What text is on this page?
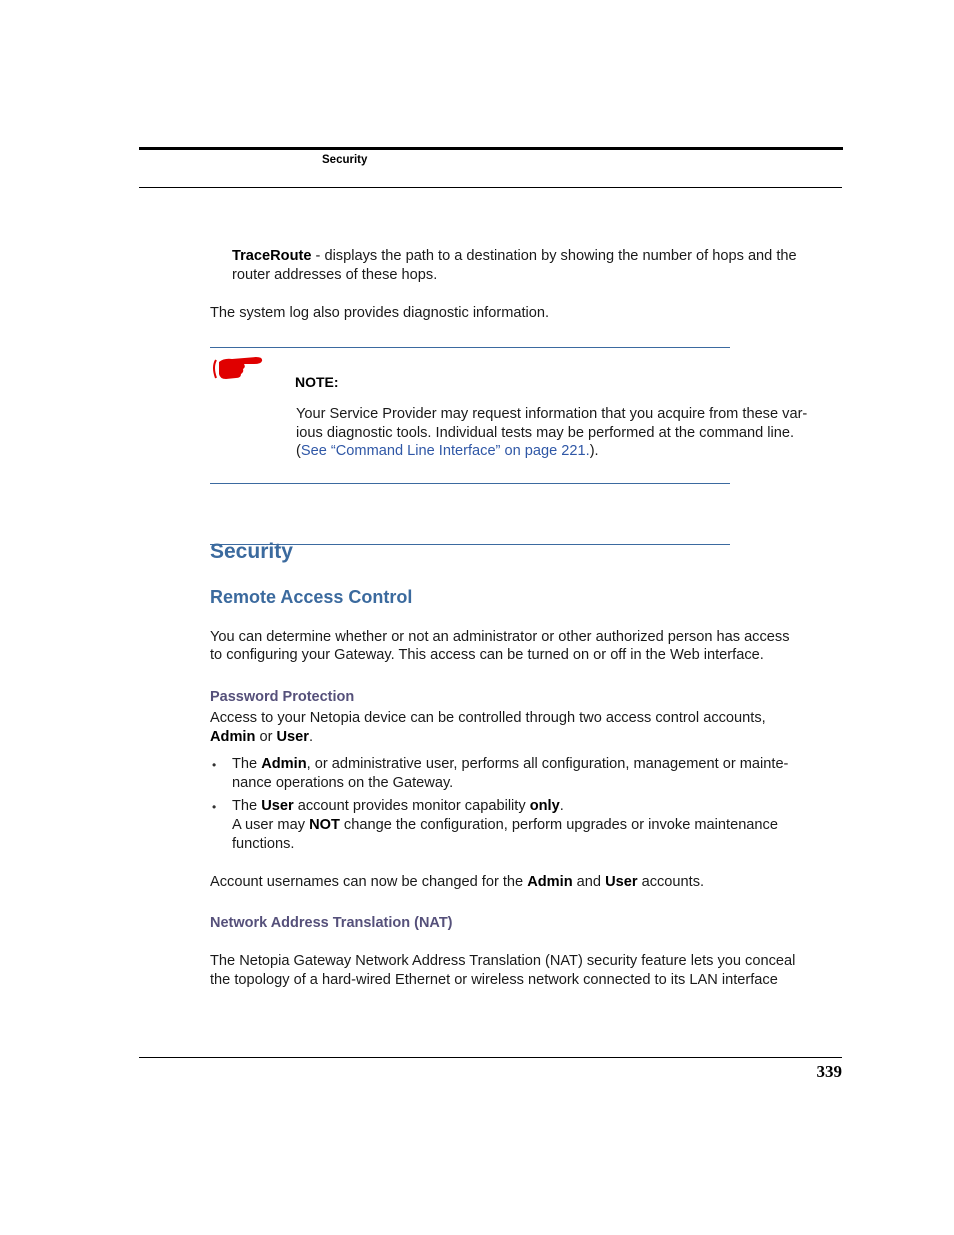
Security
TraceRoute - displays the path to a destination by showing the number of hops and the
router addresses of these hops.
The system log also provides diagnostic information.
NOTE:
Your Service Provider may request information that you acquire from these var-
ious diagnostic tools. Individual tests may be performed at the command line.
(See “Command Line Interface” on page 221.).
Security
Remote Access Control
You can determine whether or not an administrator or other authorized person has access
to configuring your Gateway. This access can be turned on or off in the Web interface.
Password Protection
Access to your Netopia device can be controlled through two access control accounts,
Admin or User.
• The Admin, or administrative user, performs all configuration, management or mainte-
nance operations on the Gateway.
• The User account provides monitor capability only.
A user may NOT change the configuration, perform upgrades or invoke maintenance
functions.
Account usernames can now be changed for the Admin and User accounts.
Network Address Translation (NAT)
The Netopia Gateway Network Address Translation (NAT) security feature lets you conceal
the topology of a hard-wired Ethernet or wireless network connected to its LAN interface
339
